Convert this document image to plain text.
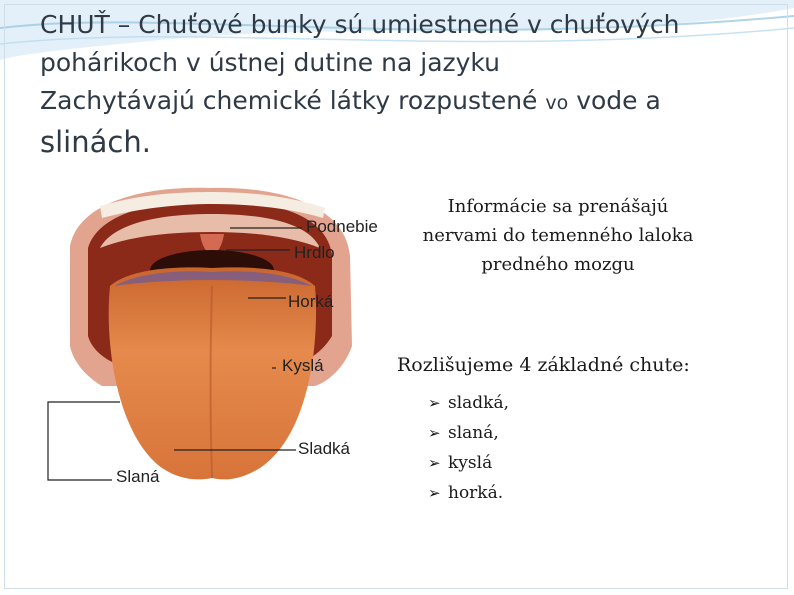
CHUŤ – Chuťové bunky sú umiestnené v chuťových
pohárikoch v ústnej dutine na jazyku
Zachytávajú chemické látky rozpustené vo vode a
slinách.
Podnebie
Hrdlo
Horká
Kyslá
Sladká
Slaná
Informácie sa prenášajú nervami do temenného laloka predného mozgu
Rozlišujeme 4 základné chute:
➢ sladká,
➢ slaná,
➢ kyslá
➢ horká.
